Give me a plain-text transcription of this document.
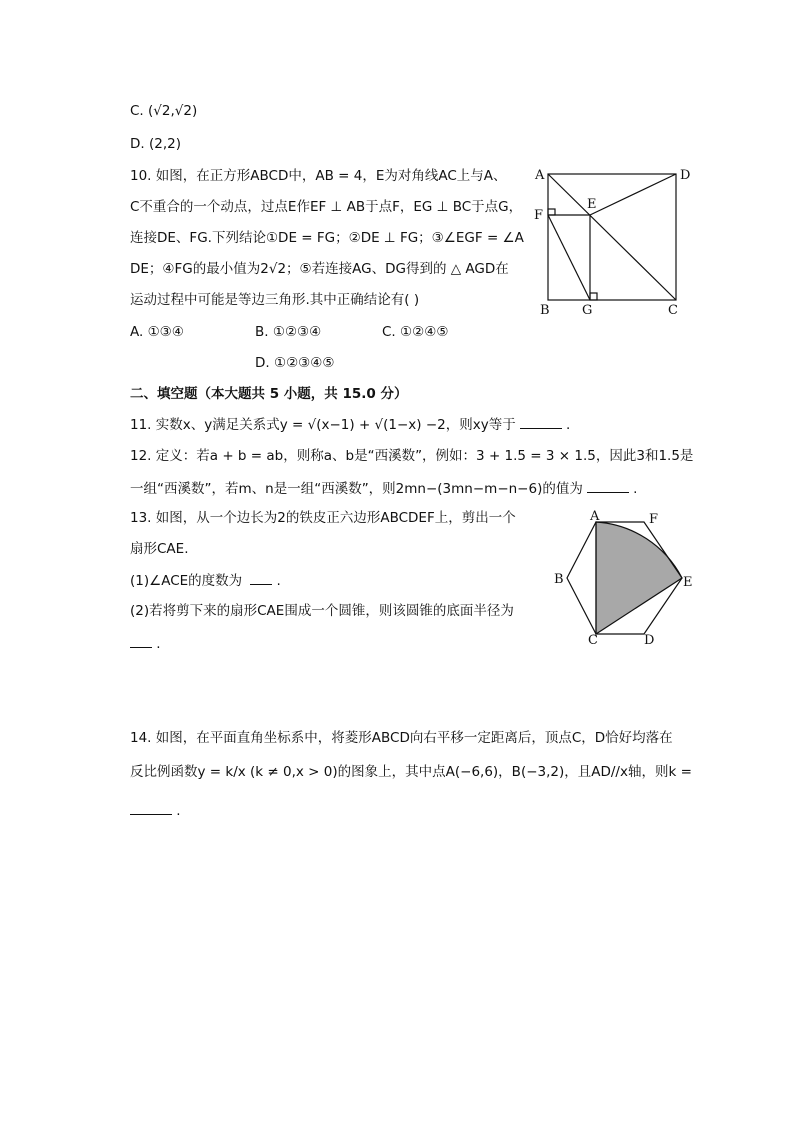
C. (√2,√2)
D. (2,2)
10. 如图，在正方形ABCD中，AB = 4，E为对角线AC上与A、
C不重合的一个动点，过点E作EF ⊥ AB于点F，EG ⊥ BC于点G，
连接DE、FG.下列结论①DE = FG；②DE ⊥ FG；③∠EGF = ∠A
DE；④FG的最小值为2√2；⑤若连接AG、DG得到的 △ AGD在
运动过程中可能是等边三角形.其中正确结论有( )
A. ①③④	B. ①②③④	C. ①②④⑤
D. ①②③④⑤
A	D
E
F
B G	C
二、填空题（本大题共 5 小题，共 15.0 分）
11. 实数x、y满足关系式y = √(x−1) + √(1−x) −2，则xy等于	.
12. 定义：若a + b = ab，则称a、b是“西溪数”，例如：3 + 1.5 = 3 × 1.5，因此3和1.5是
一组“西溪数”，若m、n是一组“西溪数”，则2mn−(3mn−m−n−6)的值为	.
13. 如图，从一个边长为2的铁皮正六边形ABCDEF上，剪出一个
扇形CAE.
(1)∠ACE的度数为 .
(2)若将剪下来的扇形CAE围成一个圆锥，则该圆锥的底面半径为
.
A	F
B	E
C	D
14. 如图，在平面直角坐标系中，将菱形ABCD向右平移一定距离后，顶点C，D恰好均落在
反比例函数y = k/x (k ≠ 0,x > 0)的图象上，其中点A(−6,6)，B(−3,2)，且AD//x轴，则k =
.
